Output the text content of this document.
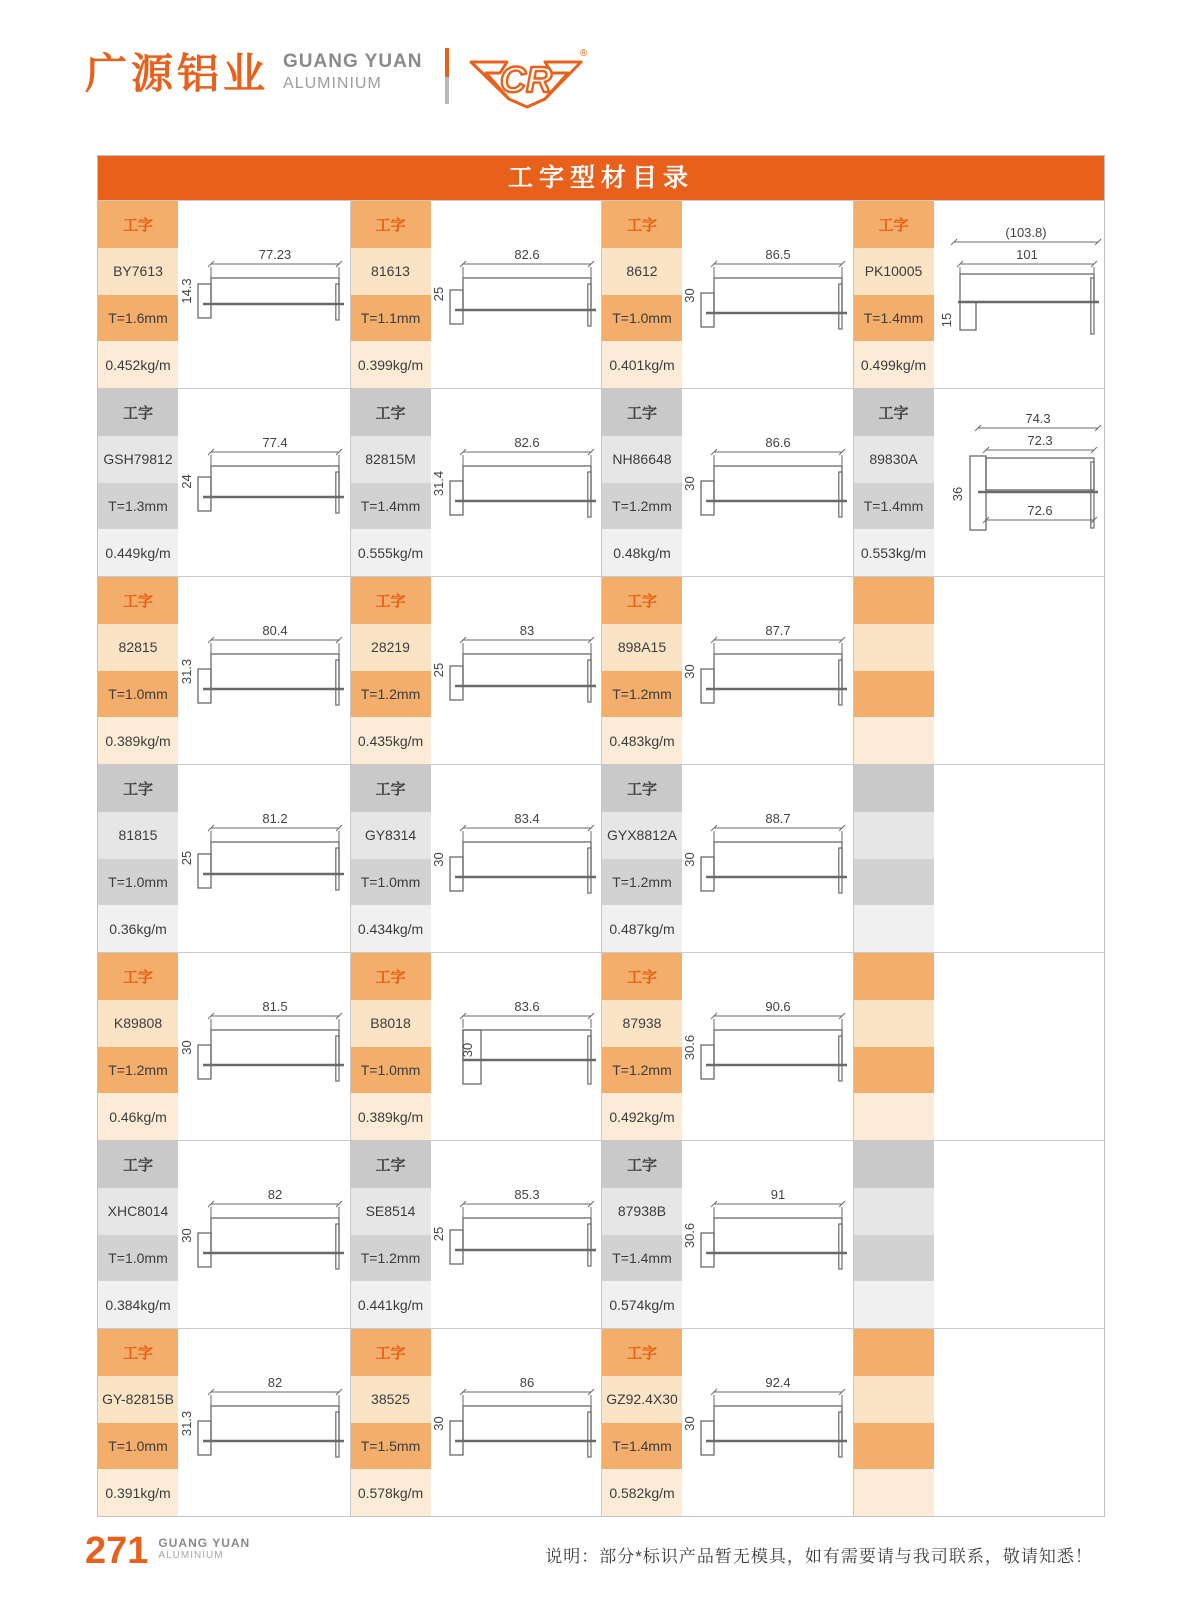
广源铝业 GUANG YUAN
ALUMINIUM	CR
®
工字型材目录
工字
BY7613
T=1.6mm
0.452kg/m
77.23
14.3
工字
81613
T=1.1mm
0.399kg/m
82.6
25
工字
8612
T=1.0mm
0.401kg/m
86.5
30
工字
PK10005
T=1.4mm
0.499kg/m
(103.8)
101
15
工字
GSH79812
T=1.3mm
0.449kg/m
77.4
24
工字
82815M
T=1.4mm
0.555kg/m
82.6
31.4
工字
NH86648
T=1.2mm
0.48kg/m
86.6
30
工字
89830A
T=1.4mm
0.553kg/m
74.3
72.3
72.6
36
工字
82815
T=1.0mm
0.389kg/m
80.4
31.3
工字
28219
T=1.2mm
0.435kg/m
83
25
工字
898A15
T=1.2mm
0.483kg/m
87.7
30
工字
81815
T=1.0mm
0.36kg/m
81.2
25
工字
GY8314
T=1.0mm
0.434kg/m
83.4
30
工字
GYX8812A
T=1.2mm
0.487kg/m
88.7
30
工字
K89808
T=1.2mm
0.46kg/m
81.5
30
工字
B8018
T=1.0mm
0.389kg/m
83.6
30
工字
87938
T=1.2mm
0.492kg/m
90.6
30.6
工字
XHC8014
T=1.0mm
0.384kg/m
82
30
工字
SE8514
T=1.2mm
0.441kg/m
85.3
25
工字
87938B
T=1.4mm
0.574kg/m
91
30.6
工字
GY-82815B
T=1.0mm
0.391kg/m
82
31.3
工字
38525
T=1.5mm
0.578kg/m
86
30
工字
GZ92.4X30
T=1.4mm
0.582kg/m
92.4
30
271 GUANG YUAN
ALUMINIUM	说明：部分*标识产品暂无模具，如有需要请与我司联系，敬请知悉！
